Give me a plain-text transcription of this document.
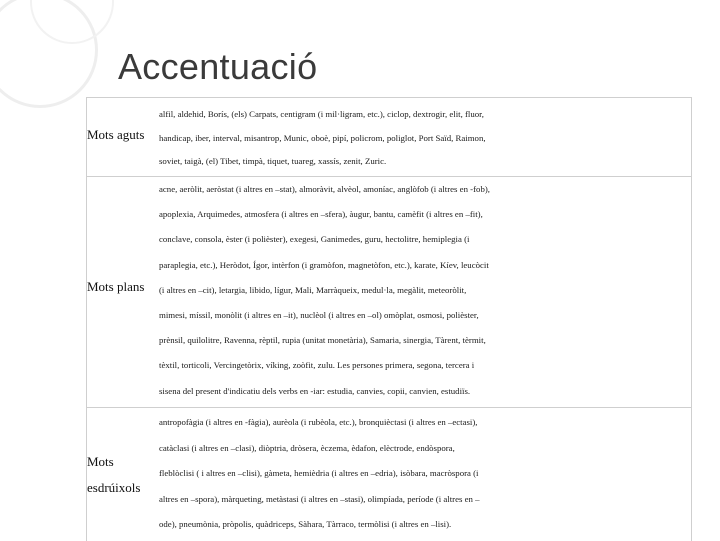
Accentuació
Mots aguts
alfil, aldehid, Borís, (els) Carpats, centigram (i mil·ligram, etc.), ciclop, dextrogir, elit, fluor,
handicap, iber, interval, misantrop, Munic, oboè, pipí, policrom, poliglot, Port Saïd, Raimon,
soviet, taigà, (el) Tibet, timpà, tiquet, tuareg, xassís, zenit, Zuric.
Mots plans
acne, aeròlit, aeròstat (i altres en –stat), almoràvit, alvèol, amoníac, anglòfob (i altres en -fob),
apoplexia, Arquimedes, atmosfera (i altres en –sfera), àugur, bantu, camèfit (i altres en –fit),
conclave, consola, èster (i polièster), exegesi, Ganimedes, guru, hectolitre, hemiplegia (i
paraplegia, etc.), Heròdot, Ígor, intèrfon (i gramòfon, magnetòfon, etc.), karate, Kíev, leucòcit
(i altres en –cit), letargia, libido, lígur, Mali, Marràqueix, medul·la, megàlit, meteoròlit,
mimesi, míssil, monòlit (i altres en –it), nuclèol (i altres en –ol) omòplat, osmosi, polièster,
prènsil, quilolitre, Ravenna, rèptil, rupia (unitat monetària), Samaria, sinergia, Tàrent, tèrmit,
tèxtil, torticoli, Vercingetòrix, víking, zoòfit, zulu. Les persones primera, segona, tercera i
sisena del present d'indicatiu dels verbs en -iar: estudia, canvies, copii, canvien, estudiïs.
Mots
esdrúixols
antropofàgia (i altres en -fàgia), aurèola (i rubèola, etc.), bronquièctasi (i altres en –ectasi),
catàclasi (i altres en –clasi), diòptria, dròsera, èczema, èdafon, elèctrode, endòspora,
fleblòclisi ( i altres en –clisi), gàmeta, hemièdria (i altres en –edria), isòbara, macròspora (i
altres en –spora), màrqueting, metàstasi (i altres en –stasi), olimpíada, període (i altres en –
ode), pneumònia, pròpolis, quàdriceps, Sàhara, Tàrraco, termòlisi (i altres en –lisi).
